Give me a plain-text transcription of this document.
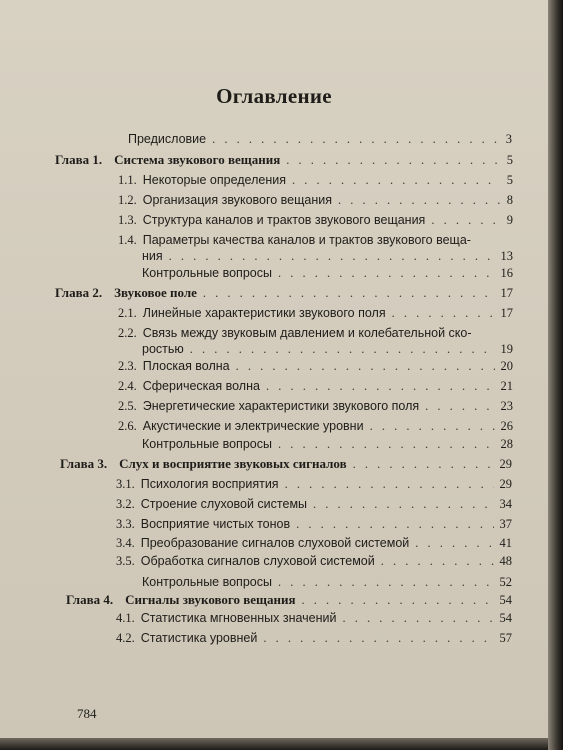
Оглавление
Предисловие . . .	3
Глава 1. Система звукового вещания . . .	5
1.1. Некоторые определения . . .	5
1.2. Организация звукового вещания . . .	8
1.3. Структура каналов и трактов звукового вещания . . .	9
1.4. Параметры качества каналов и трактов звукового веща-
ния . . .	13
Контрольные вопросы . . .	16
Глава 2. Звуковое поле . . .	17
2.1. Линейные характеристики звукового поля . . .	17
2.2. Связь между звуковым давлением и колебательной ско-
ростью . . .	19
2.3. Плоская волна . . .	20
2.4. Сферическая волна . . .	21
2.5. Энергетические характеристики звукового поля . . .	23
2.6. Акустические и электрические уровни . . .	26
Контрольные вопросы . . .	28
Глава 3. Слух и восприятие звуковых сигналов . . .	29
3.1. Психология восприятия . . .	29
3.2. Строение слуховой системы . . .	34
3.3. Восприятие чистых тонов . . .	37
3.4. Преобразование сигналов слуховой системой . . .	41
3.5. Обработка сигналов слуховой системой . . .	48
Контрольные вопросы . . .	52
Глава 4. Сигналы звукового вещания . . .	54
4.1. Статистика мгновенных значений . . .	54
4.2. Статистика уровней . . .	57
784
